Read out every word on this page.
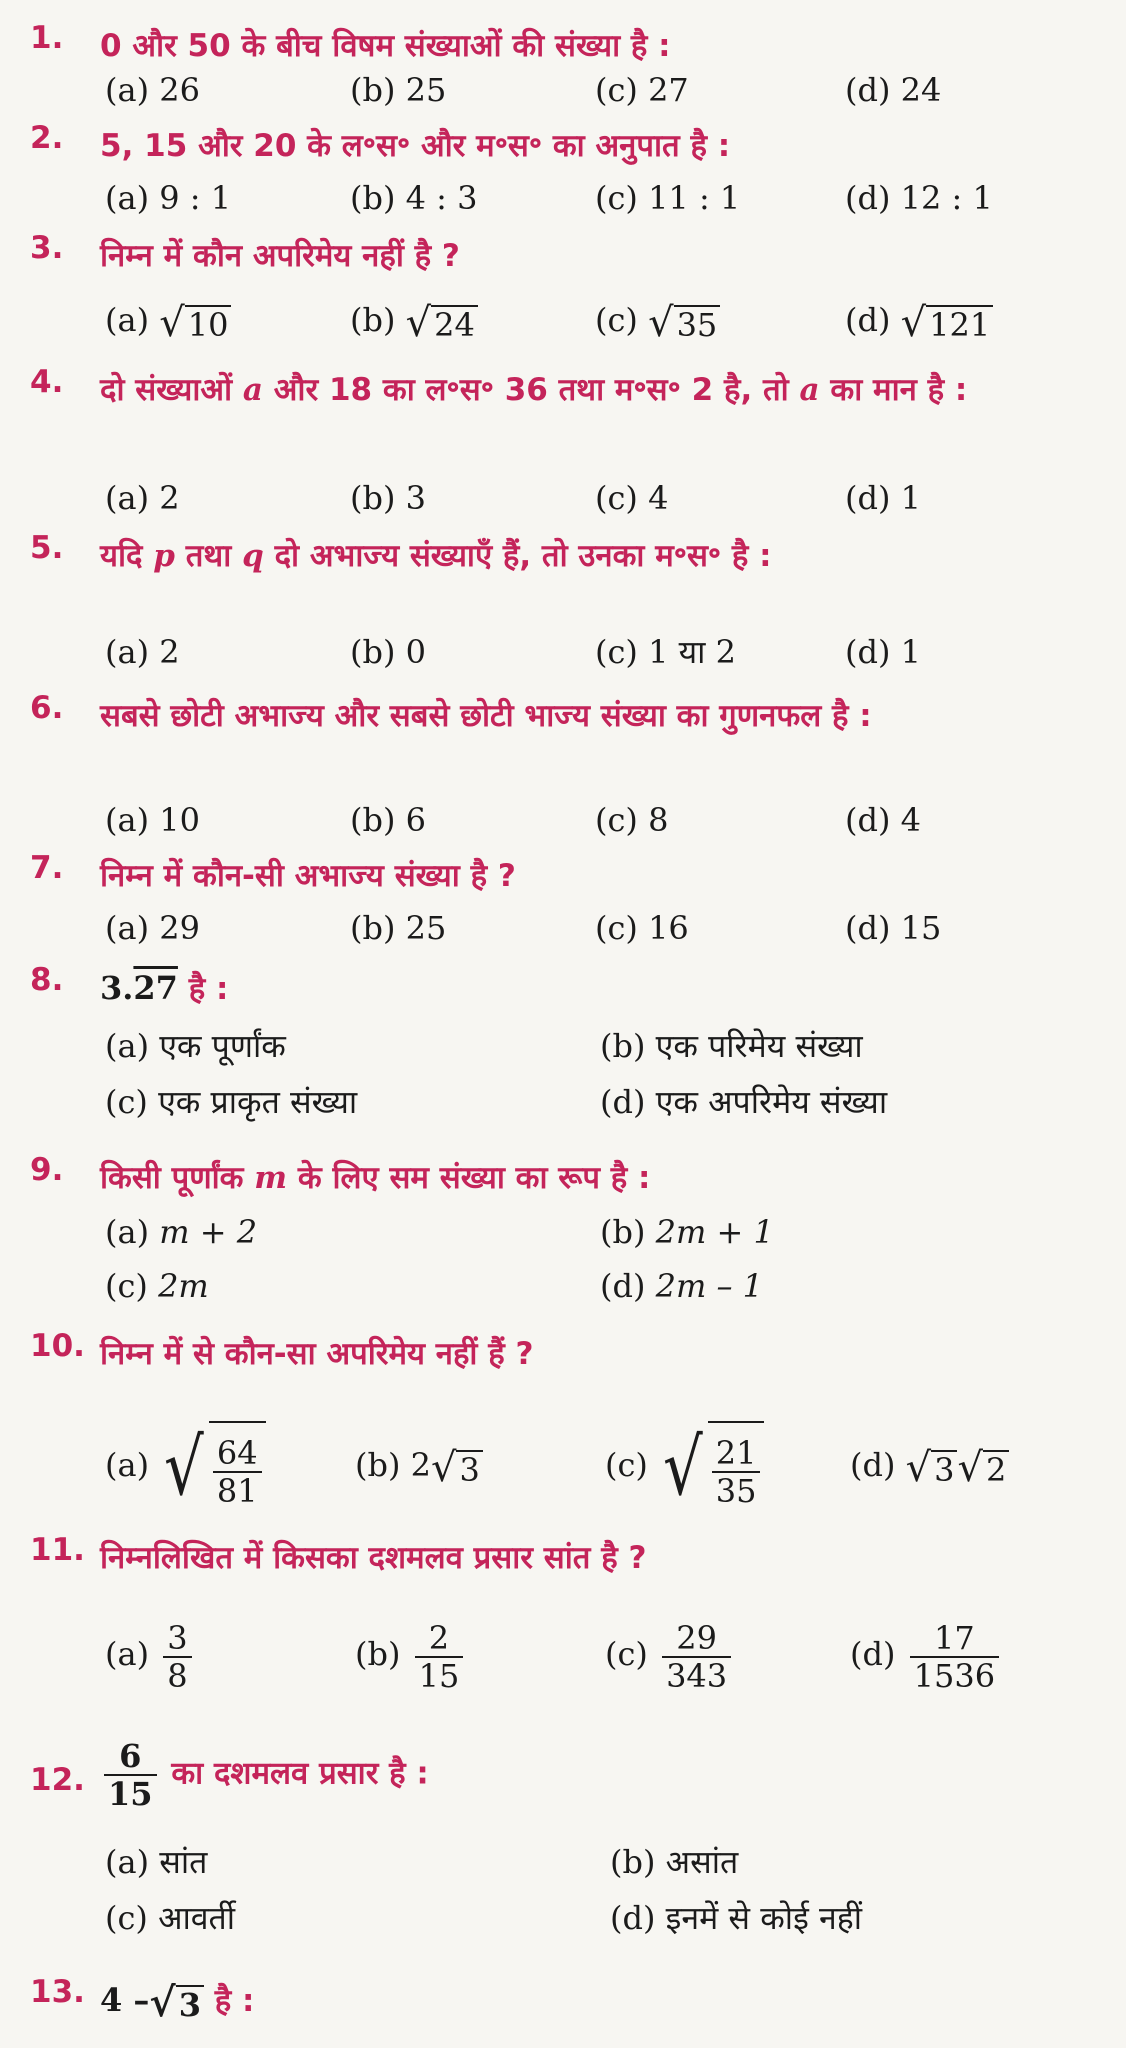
1. 0 और 50 के बीच विषम संख्याओं की संख्या है :
(a) 26	(b) 25	(c) 27	(d) 24
2. 5, 15 और 20 के ल॰स॰ और म॰स॰ का अनुपात है :
(a) 9 : 1	(b) 4 : 3	(c) 11 : 1	(d) 12 : 1
3. निम्न में कौन अपरिमेय नहीं है ?
(a) √ 10	(b) √ 24	(c) √ 35	(d) √ 121
4. दो संख्याओं a और 18 का ल॰स॰ 36 तथा म॰स॰ 2 है, तो a का मान है :
(a) 2	(b) 3	(c) 4	(d) 1
5. यदि p तथा q दो अभाज्य संख्याएँ हैं, तो उनका म॰स॰ है :
(a) 2	(b) 0	(c) 1 या 2	(d) 1
6. सबसे छोटी अभाज्य और सबसे छोटी भाज्य संख्या का गुणनफल है :
(a) 10	(b) 6	(c) 8	(d) 4
7. निम्न में कौन-सी अभाज्य संख्या है ?
(a) 29	(b) 25	(c) 16	(d) 15
8. 3.27 है :
(a) एक पूर्णांक	(b) एक परिमेय संख्या
(c) एक प्राकृत संख्या	(d) एक अपरिमेय संख्या
9. किसी पूर्णांक m के लिए सम संख्या का रूप है :
(a) m + 2	(b) 2m + 1
(c) 2m	(d) 2m – 1
10. निम्न में से कौन-सा अपरिमेय नहीं हैं ?
(a) √ $\frac{64}{81}$	(b) 2 √ 3	(c) √ $\frac{21}{35}$	(d) √ 3 √ 2
11. निम्नलिखित में किसका दशमलव प्रसार सांत है ?
$(a) \frac{3}{8}$	$(b) \frac{2}{15}$	$(c) \frac{29}{343}$	$(d) \frac{17}{1536}$
12. $\frac{6}{15}$ का दशमलव प्रसार है :
(a) सांत	(b) असांत
(c) आवर्ती	(d) इनमें से कोई नहीं
13. 4 – √ 3 है :
